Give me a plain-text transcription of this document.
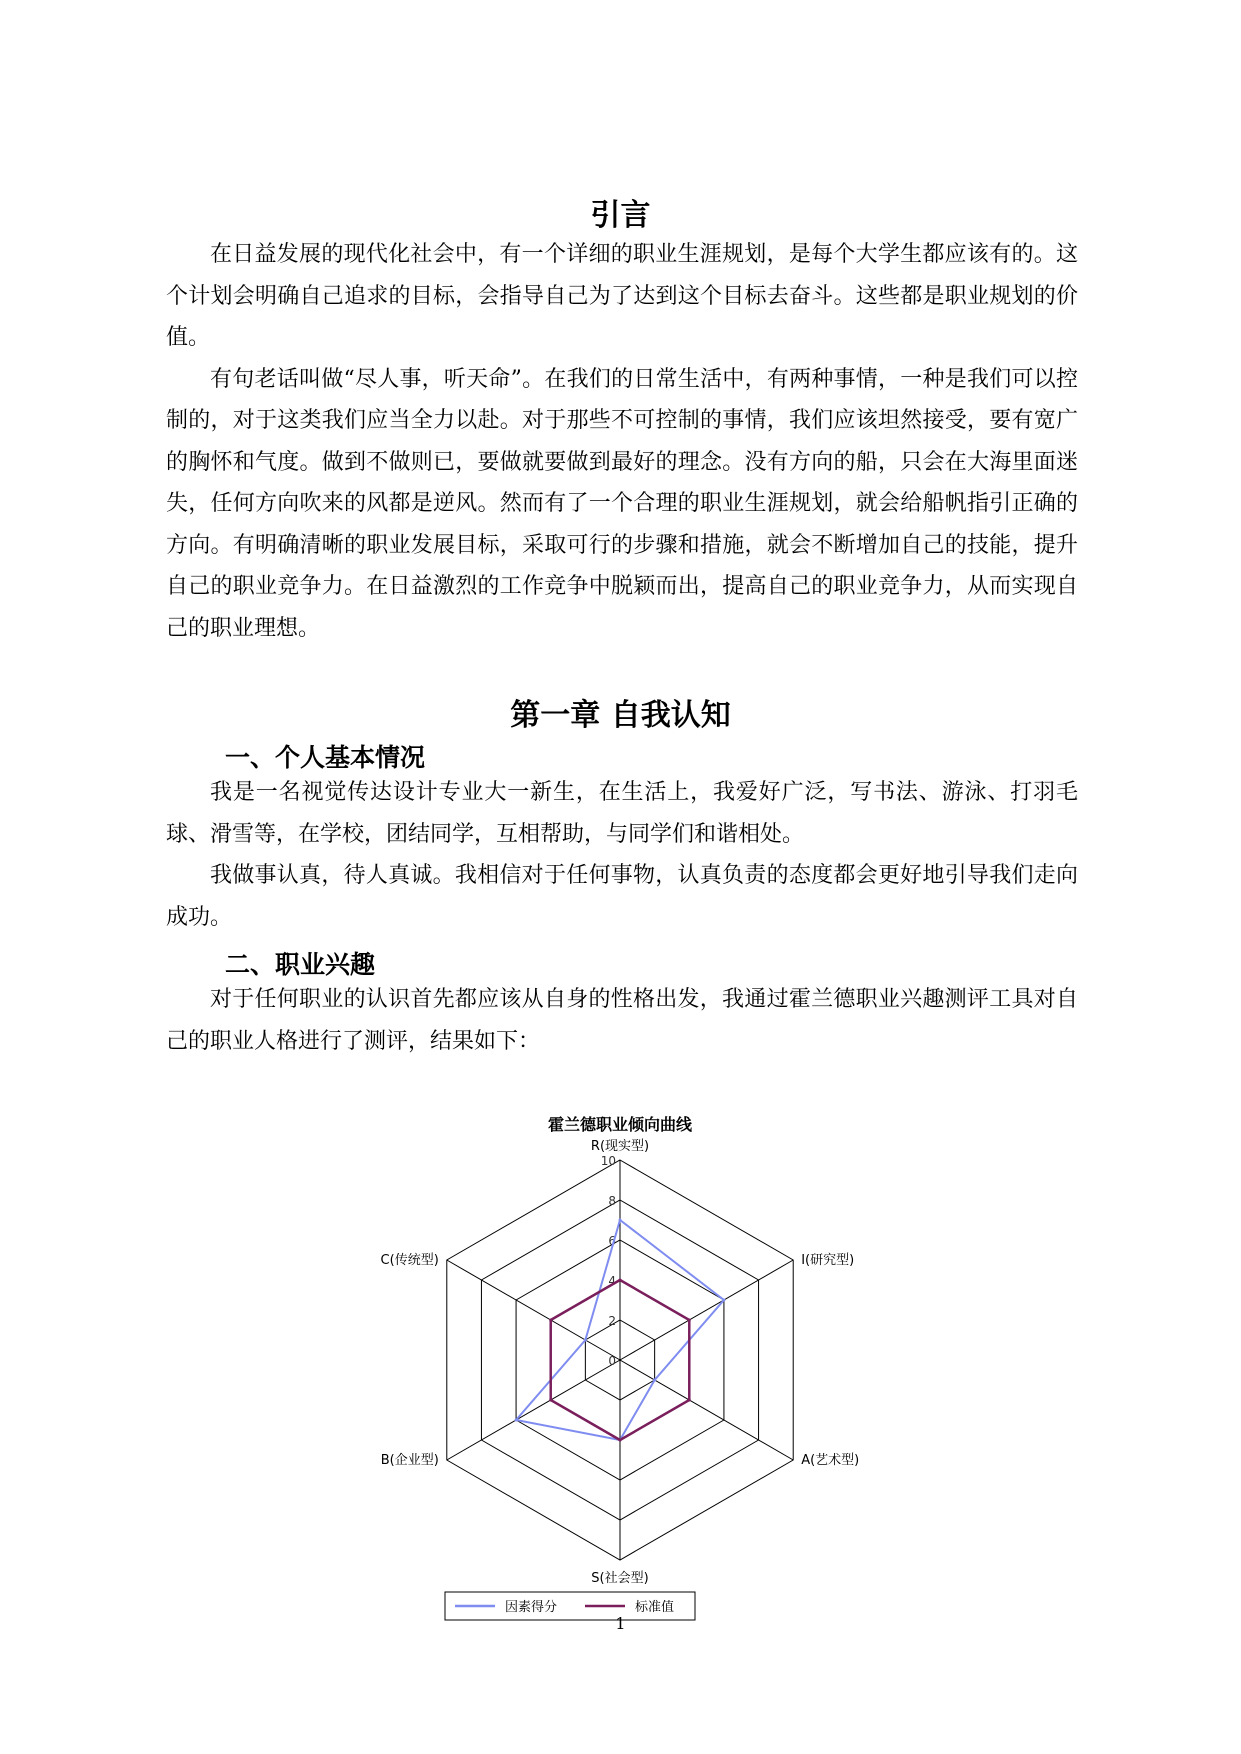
引言

在日益发展的现代化社会中，有一个详细的职业生涯规划，是每个大学生都应该有的。这个计划会明确自己追求的目标，会指导自己为了达到这个目标去奋斗。这些都是职业规划的价值。

有句老话叫做“尽人事，听天命”。在我们的日常生活中，有两种事情，一种是我们可以控制的，对于这类我们应当全力以赴。对于那些不可控制的事情，我们应该坦然接受，要有宽广的胸怀和气度。做到不做则已，要做就要做到最好的理念。没有方向的船，只会在大海里面迷失，任何方向吹来的风都是逆风。然而有了一个合理的职业生涯规划，就会给船帆指引正确的方向。有明确清晰的职业发展目标，采取可行的步骤和措施，就会不断增加自己的技能，提升自己的职业竞争力。在日益激烈的工作竞争中脱颖而出，提高自己的职业竞争力，从而实现自己的职业理想。

第一章 自我认知
一、个人基本情况

我是一名视觉传达设计专业大一新生，在生活上，我爱好广泛，写书法、游泳、打羽毛球、滑雪等，在学校，团结同学，互相帮助，与同学们和谐相处。

我做事认真，待人真诚。我相信对于任何事物，认真负责的态度都会更好地引导我们走向成功。

二、职业兴趣

对于任何职业的认识首先都应该从自身的性格出发，我通过霍兰德职业兴趣测评工具对自己的职业人格进行了测评，结果如下：

霍兰德职业倾向曲线
0
2
4
6
8
10
R(现实型)
I(研究型)
A(艺术型)
S(社会型)
B(企业型)
C(传统型)
因素得分	标准值
1
